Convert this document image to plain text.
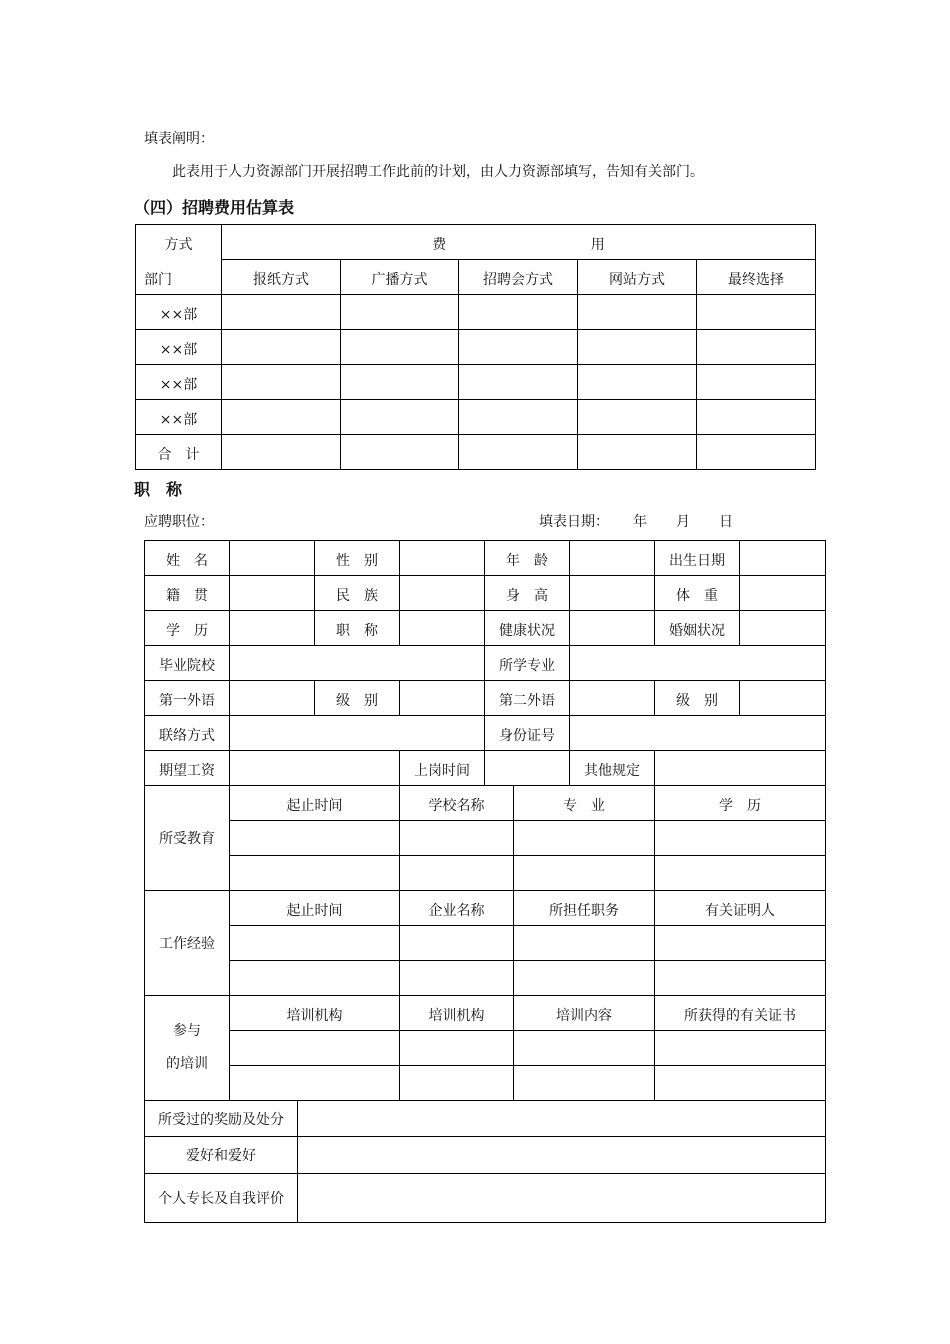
填表阐明：
此表用于人力资源部门开展招聘工作此前的计划，由人力资源部填写，告知有关部门。
（四）招聘费用估算表
方式	费 用				
部门	报纸方式	广播方式	招聘会方式	网站方式	最终选择
××部					
××部					
××部					
××部					
合　计					
职　称
应聘职位：	填表日期： 年 月 日
姓　名			性　别		年　龄			出生日期	
籍　贯			民　族		身　高			体　重	
学　历			职　称		健康状况			婚姻状况	
毕业院校					所学专业				
第一外语			级　别		第二外语			级　别	
联络方式					身份证号				
期望工资				上岗时间			其他规定		
所受教育	起止时间			学校名称		专　业		学　历	

工作经验	起止时间			企业名称		所担任职务		有关证明人	

参与
的培训	培训机构			培训机构		培训内容		所获得的有关证书	

所受过的奖励及处分									
爱好和爱好									
个人专长及自我评价									
